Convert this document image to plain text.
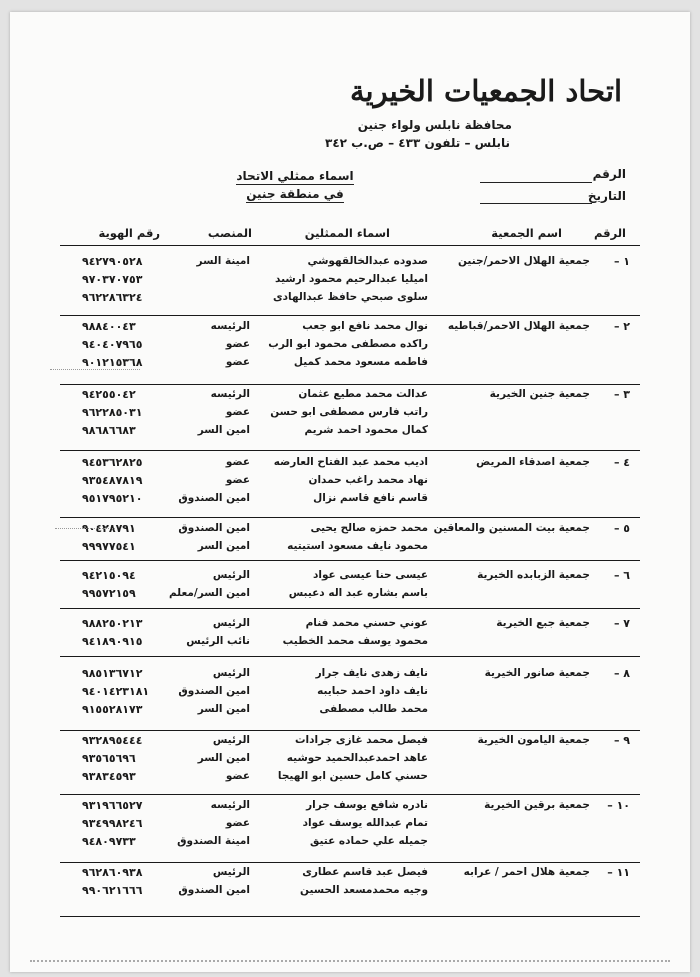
اتحاد الجمعيات الخيرية
محافظة نابلس ولواء جنين
نابلس – تلفون ٤٣٣ – ص.ب ٣٤٢
الرقم
التاريخ
اسماء ممثلي الاتحاد
في منطقة جنين
الرقم
اسم الجمعية
اسماء الممثلين
المنصب
رقم الهوية
١ –
جمعية الهلال الاحمر/جنين
صدوده عبدالخالقهوشي
امينة السر
٩٤٢٧٩٠٥٢٨
اميليا عبدالرحيم محمود ارشيد
٩٧٠٣٧٠٧٥٣
سلوى صبحي حافظ عبدالهادى
٩٦٢٢٨٦٣٢٤
٢ –
جمعية الهلال الاحمر/قباطيه
نوال محمد نافع ابو جعب
الرئيسه
٩٨٨٤٠٠٤٣
راكده مصطفى محمود ابو الرب
عضو
٩٤٠٤٠٧٩٦٥
فاطمه مسعود محمد كميل
عضو
٩٠١٢١٥٣٦٨
٣ –
جمعية جنين الخيرية
عدالت محمد مطيع عثمان
الرئيسه
٩٤٢٥٥٠٤٢
راتب فارس مصطفى ابو حسن
عضو
٩٦٢٢٨٥٠٣١
كمال محمود احمد شريم
امين السر
٩٨٦٨٦٦٨٣
٤ –
جمعية اصدقاء المريض
اديب محمد عبد الفتاح العارضه
عضو
٩٤٥٣٦٢٨٢٥
نهاد محمد راغب حمدان
عضو
٩٣٥٤٨٧٨١٩
قاسم نافع قاسم نزال
امين الصندوق
٩٥١٧٩٥٢١٠
٥ –
جمعية بيت المسنين والمعاقين
محمد حمزه صالح يحيى
امين الصندوق
٩٠٤٢٨٧٩١
محمود نايف مسعود استيتيه
امين السر
٩٩٩٧٧٥٤١
٦ –
جمعية الزبابده الخيرية
عيسى حنا عيسى عواد
الرئيس
٩٤٢١٥٠٩٤
باسم بشاره عبد اله دعيبس
امين السر/معلم
٩٩٥٧٢١٥٩
٧ –
جمعية جبع الخيرية
عوني حسني محمد فنام
الرئيس
٩٨٨٢٥٠٢١٣
محمود يوسف محمد الخطيب
نائب الرئيس
٩٤١٨٩٠٩١٥
٨ –
جمعية صانور الخيرية
نايف زهدى نايف جرار
الرئيس
٩٨٥١٣٦٧١٢
نايف داود احمد حبايبه
امين الصندوق
٩٤٠١٤٢٣١٨١
محمد طالب مصطفى
امين السر
٩١٥٥٢٨١٧٣
٩ –
جمعية اليامون الخيرية
فيصل محمد غازى جرادات
الرئيس
٩٣٢٨٩٥٤٤٤
عاهد احمدعبدالحميد حوشيه
امين السر
٩٣٥٦٥٦٩٦
حسني كامل حسين ابو الهيجا
عضو
٩٣٨٣٤٥٩٣
١٠ –
جمعية برقين الخيرية
نادره شافع يوسف جرار
الرئيسه
٩٣١٩٦٦٥٢٧
تمام عبدالله يوسف عواد
عضو
٩٣٤٩٩٨٢٤٦
جميله علي حماده عتيق
امينة الصندوق
٩٤٨٠٩٧٣٣
١١ –
جمعية هلال احمر / عرابه
فيصل عبد قاسم عطارى
الرئيس
٩٦٢٨٦٠٩٣٨
وجيه محمدمسعد الحسين
امين الصندوق
٩٩٠٦٢١٦٦٦
